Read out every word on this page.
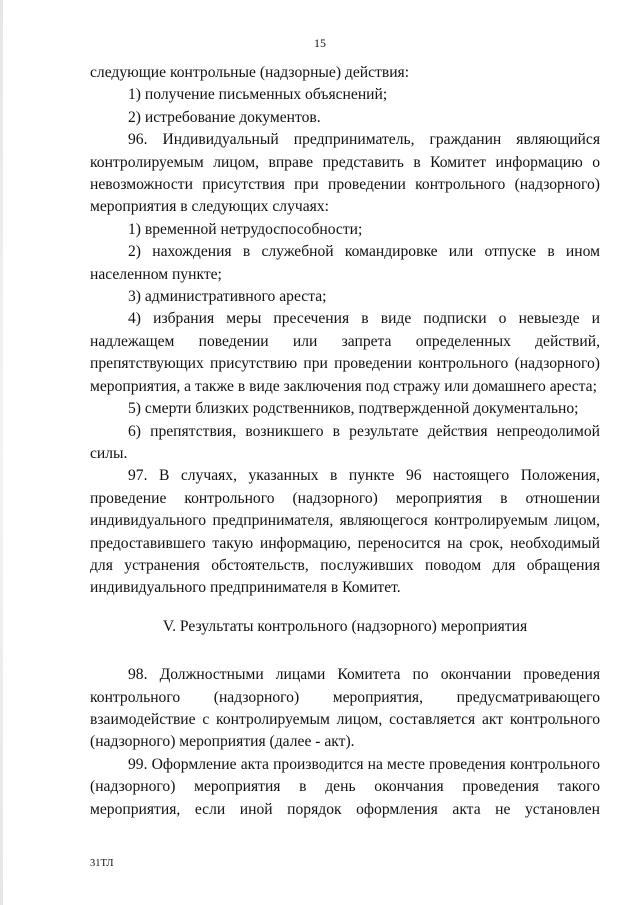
15

следующие контрольные (надзорные) действия:

1) получение письменных объяснений;

2) истребование документов.

96. Индивидуальный предприниматель, гражданин являющийся контролируемым лицом, вправе представить в Комитет информацию о невозможности присутствия при проведении контрольного (надзорного) мероприятия в следующих случаях:

1) временной нетрудоспособности;

2) нахождения в служебной командировке или отпуске в ином населенном пункте;

3) административного ареста;

4) избрания меры пресечения в виде подписки о невыезде и надлежащем поведении или запрета определенных действий, препятствующих присутствию при проведении контрольного (надзорного) мероприятия, а также в виде заключения под стражу или домашнего ареста;

5) смерти близких родственников, подтвержденной документально;

6) препятствия, возникшего в результате действия непреодолимой силы.

97. В случаях, указанных в пункте 96 настоящего Положения, проведение контрольного (надзорного) мероприятия в отношении индивидуального предпринимателя, являющегося контролируемым лицом, предоставившего такую информацию, переносится на срок, необходимый для устранения обстоятельств, послуживших поводом для обращения индивидуального предпринимателя в Комитет.

V. Результаты контрольного (надзорного) мероприятия

98. Должностными лицами Комитета по окончании проведения контрольного (надзорного) мероприятия, предусматривающего взаимодействие с контролируемым лицом, составляется акт контрольного (надзорного) мероприятия (далее - акт).

99. Оформление акта производится на месте проведения контрольного (надзорного) мероприятия в день окончания проведения такого мероприятия, если иной порядок оформления акта не установлен

31ТЛ
